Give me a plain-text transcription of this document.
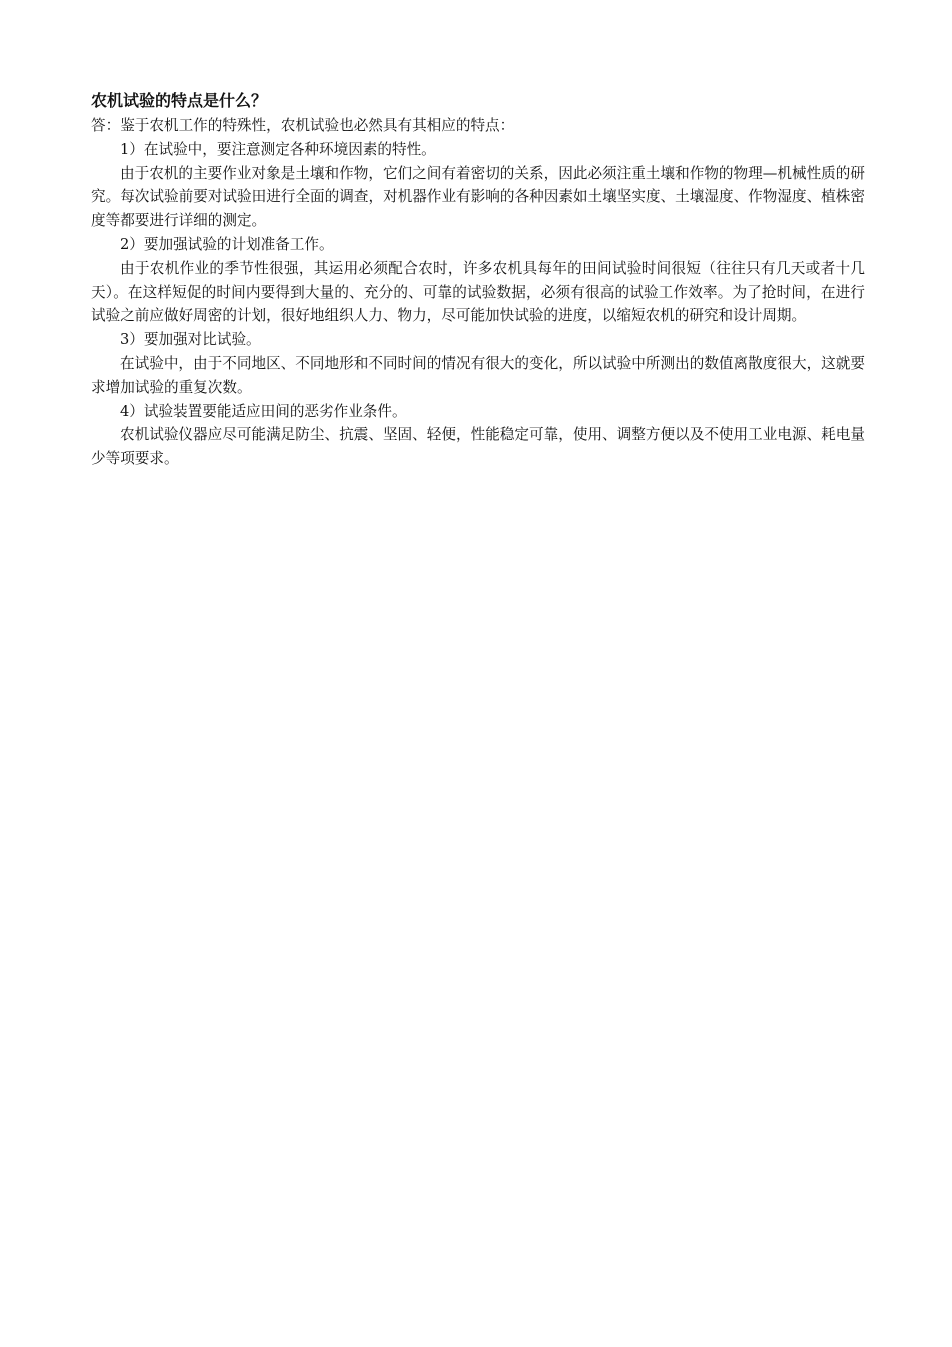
农机试验的特点是什么？

答：鉴于农机工作的特殊性，农机试验也必然具有其相应的特点：

1）在试验中，要注意测定各种环境因素的特性。

由于农机的主要作业对象是土壤和作物，它们之间有着密切的关系，因此必须注重土壤和作物的物理—机械性质的研究。每次试验前要对试验田进行全面的调查，对机器作业有影响的各种因素如土壤坚实度、土壤湿度、作物湿度、植株密度等都要进行详细的测定。

2）要加强试验的计划准备工作。

由于农机作业的季节性很强，其运用必须配合农时，许多农机具每年的田间试验时间很短（往往只有几天或者十几天）。在这样短促的时间内要得到大量的、充分的、可靠的试验数据，必须有很高的试验工作效率。为了抢时间，在进行试验之前应做好周密的计划，很好地组织人力、物力，尽可能加快试验的进度，以缩短农机的研究和设计周期。

3）要加强对比试验。

在试验中，由于不同地区、不同地形和不同时间的情况有很大的变化，所以试验中所测出的数值离散度很大，这就要求增加试验的重复次数。

4）试验装置要能适应田间的恶劣作业条件。

农机试验仪器应尽可能满足防尘、抗震、坚固、轻便，性能稳定可靠，使用、调整方便以及不使用工业电源、耗电量少等项要求。
